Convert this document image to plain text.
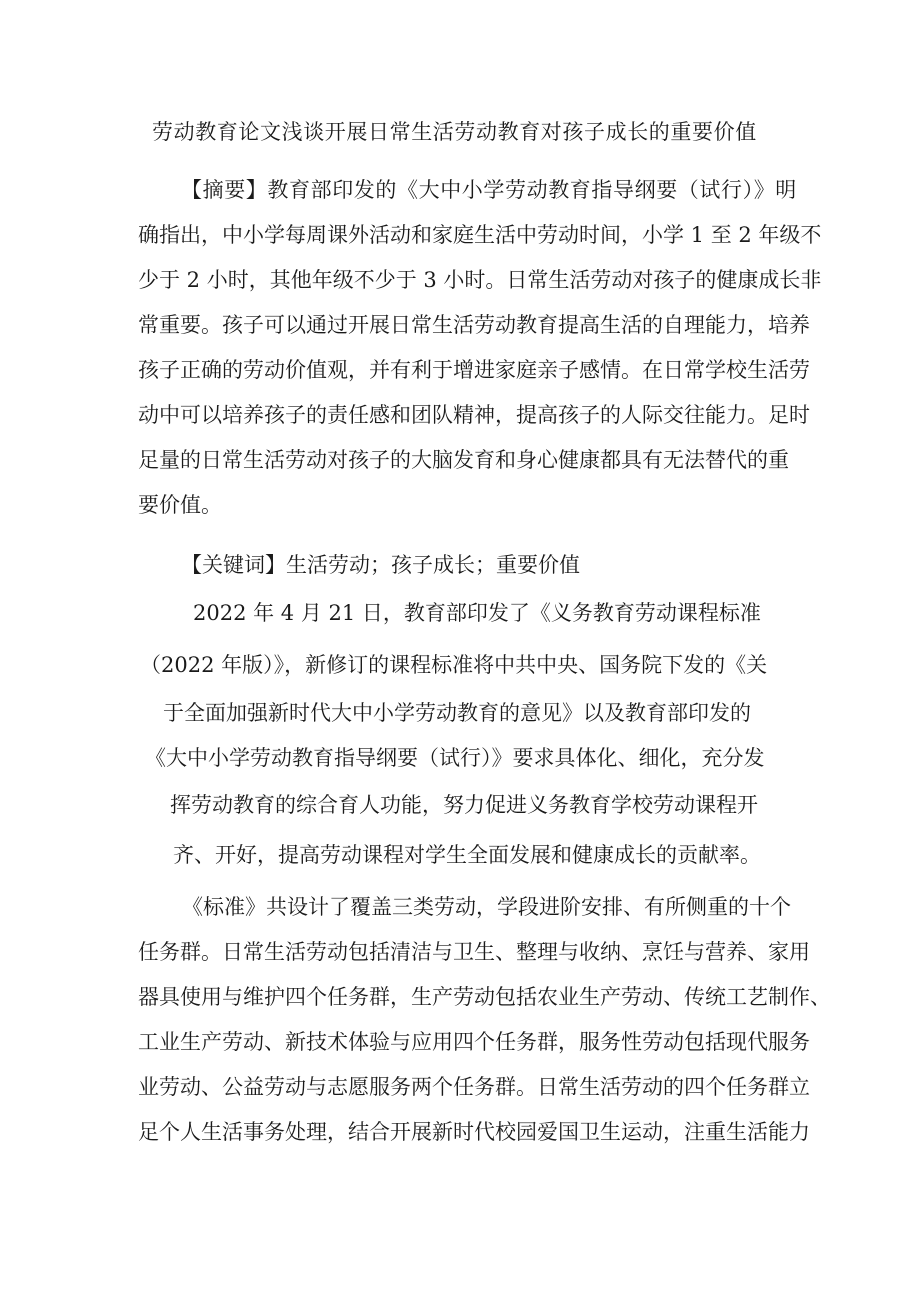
劳动教育论文浅谈开展日常生活劳动教育对孩子成长的重要价值
【摘要】教育部印发的《大中小学劳动教育指导纲要（试行）》明
确指出，中小学每周课外活动和家庭生活中劳动时间，小学 1 至 2 年级不
少于 2 小时，其他年级不少于 3 小时。日常生活劳动对孩子的健康成长非
常重要。孩子可以通过开展日常生活劳动教育提高生活的自理能力，培养
孩子正确的劳动价值观，并有利于增进家庭亲子感情。在日常学校生活劳
动中可以培养孩子的责任感和团队精神，提高孩子的人际交往能力。足时
足量的日常生活劳动对孩子的大脑发育和身心健康都具有无法替代的重
要价值。
【关键词】生活劳动；孩子成长；重要价值
2022 年 4 月 21 日，教育部印发了《义务教育劳动课程标准
（2022 年版）》，新修订的课程标准将中共中央、国务院下发的《关
于全面加强新时代大中小学劳动教育的意见》以及教育部印发的
《大中小学劳动教育指导纲要（试行）》要求具体化、细化，充分发
挥劳动教育的综合育人功能，努力促进义务教育学校劳动课程开
齐、开好，提高劳动课程对学生全面发展和健康成长的贡献率。
《标准》共设计了覆盖三类劳动，学段进阶安排、有所侧重的十个
任务群。日常生活劳动包括清洁与卫生、整理与收纳、烹饪与营养、家用
器具使用与维护四个任务群，生产劳动包括农业生产劳动、传统工艺制作、
工业生产劳动、新技术体验与应用四个任务群，服务性劳动包括现代服务
业劳动、公益劳动与志愿服务两个任务群。日常生活劳动的四个任务群立
足个人生活事务处理，结合开展新时代校园爱国卫生运动，注重生活能力
